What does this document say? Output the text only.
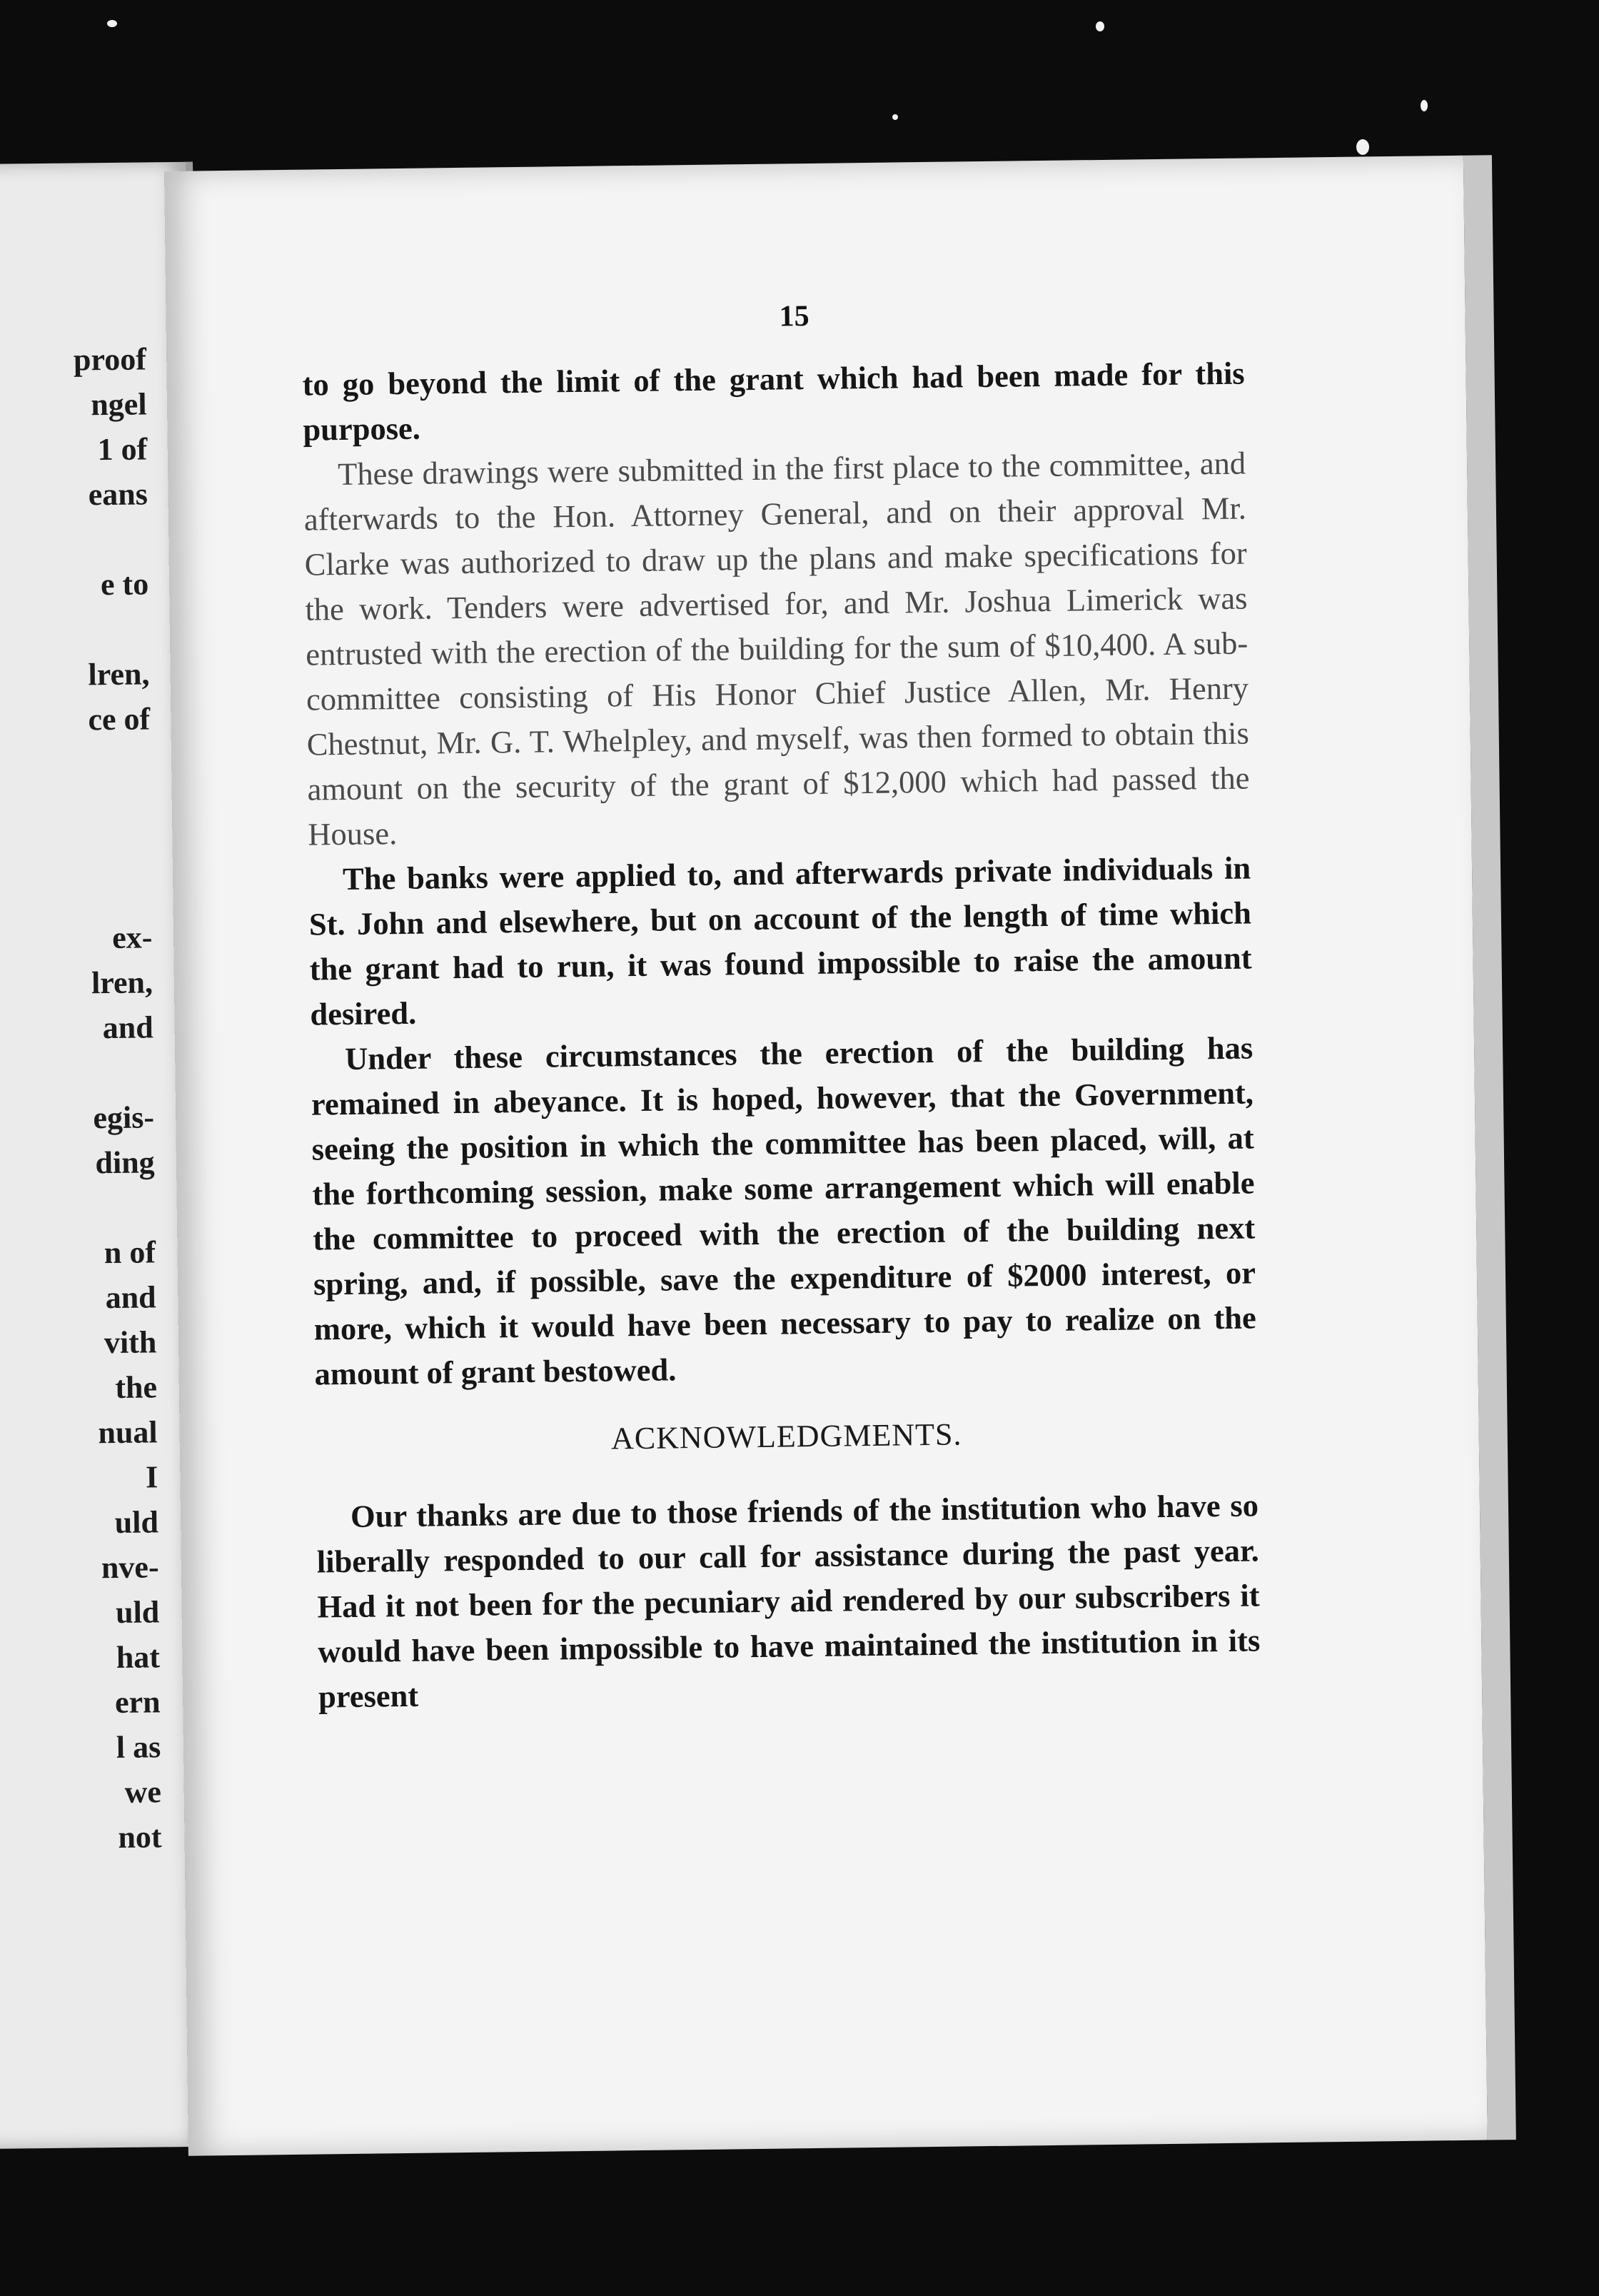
proof
ngel
1 of
eans
e to
lren,
ce of
ex-
lren,
and
egis-
ding
n of
and
vith
the
nual
I
uld
nve-
uld
hat
ern
l as
we
not
15

to go beyond the limit of the grant which had been made for this purpose.

These drawings were submitted in the first place to the committee, and afterwards to the Hon. Attorney General, and on their approval Mr. Clarke was authorized to draw up the plans and make specifications for the work. Tenders were advertised for, and Mr. Joshua Limerick was entrusted with the erection of the building for the sum of $10,400. A sub-committee consisting of His Honor Chief Justice Allen, Mr. Henry Chestnut, Mr. G. T. Whelpley, and myself, was then formed to obtain this amount on the security of the grant of $12,000 which had passed the House.

The banks were applied to, and afterwards private individuals in St. John and elsewhere, but on account of the length of time which the grant had to run, it was found impossible to raise the amount desired.

Under these circumstances the erection of the building has remained in abeyance. It is hoped, however, that the Government, seeing the position in which the committee has been placed, will, at the forthcoming session, make some arrangement which will enable the committee to proceed with the erection of the building next spring, and, if possible, save the expenditure of $2000 interest, or more, which it would have been necessary to pay to realize on the amount of grant bestowed.

ACKNOWLEDGMENTS.

Our thanks are due to those friends of the institution who have so liberally responded to our call for assistance during the past year. Had it not been for the pecuniary aid rendered by our subscribers it would have been impossible to have maintained the institution in its present
